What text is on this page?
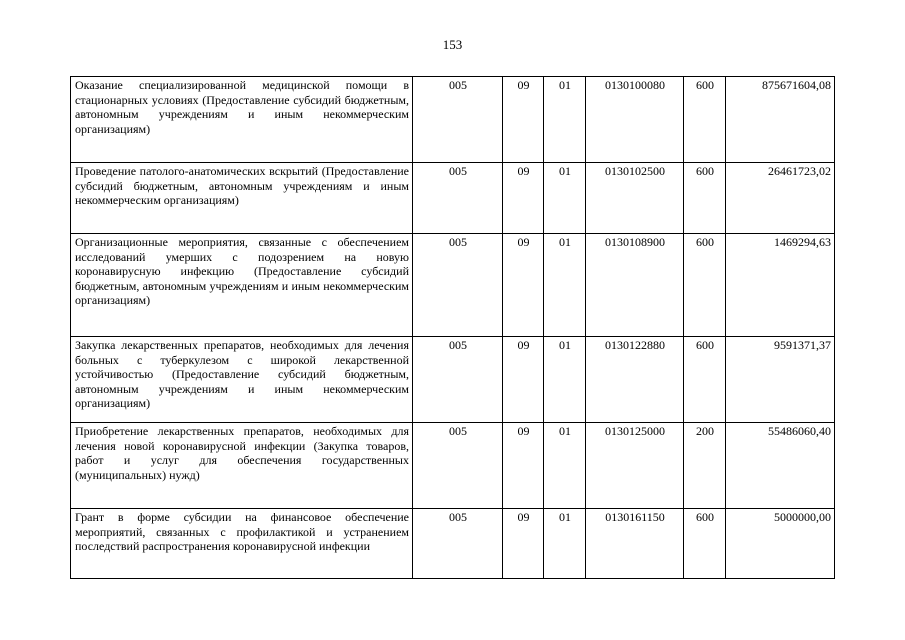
153
Оказание специализированной медицинской помощи в стационарных условиях (Предоставление субсидий бюджетным, автономным учреждениям и иным некоммерческим организациям)	005	09	01	0130100080	600	875671604,08
Проведение патолого-анатомических вскрытий (Предоставление субсидий бюджетным, автономным учреждениям и иным некоммерческим организациям)	005	09	01	0130102500	600	26461723,02
Организационные мероприятия, связанные с обеспечением исследований умерших с подозрением на новую коронавирусную инфекцию (Предоставление субсидий бюджетным, автономным учреждениям и иным некоммерческим организациям)	005	09	01	0130108900	600	1469294,63
Закупка лекарственных препаратов, необходимых для лечения больных с туберкулезом с широкой лекарственной устойчивостью (Предоставление субсидий бюджетным, автономным учреждениям и иным некоммерческим организациям)	005	09	01	0130122880	600	9591371,37
Приобретение лекарственных препаратов, необходимых для лечения новой коронавирусной инфекции (Закупка товаров, работ и услуг для обеспечения государственных (муниципальных) нужд)	005	09	01	0130125000	200	55486060,40

Грант в форме субсидии на финансовое обеспечение мероприятий, связанных с профилактикой и устранением последствий распространения коронавирусной инфекции	005	09	01	0130161150	600	5000000,00
